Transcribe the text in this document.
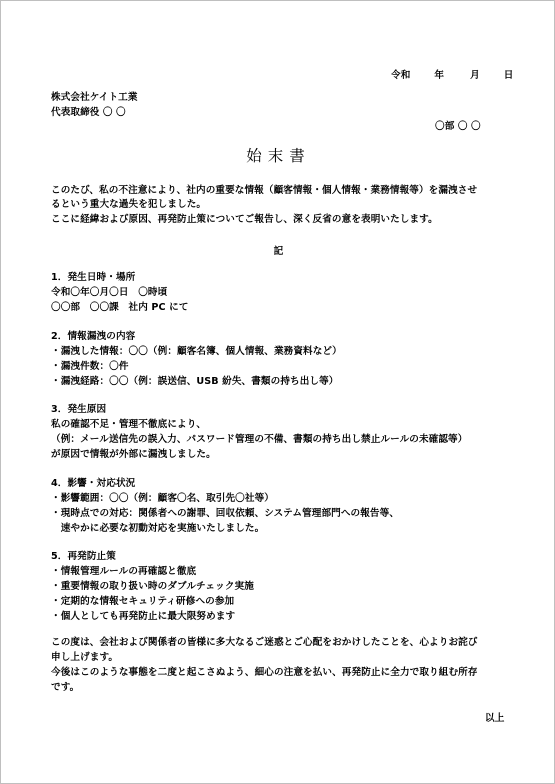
令和	年	月	日
株式会社ケイト工業
代表取締役 〇 〇
〇部 〇 〇
始末書
このたび、私の不注意により、社内の重要な情報（顧客情報・個人情報・業務情報等）を漏洩させ
るという重大な過失を犯しました。
ここに経緯および原因、再発防止策についてご報告し、深く反省の意を表明いたします。
記
1．発生日時・場所
令和〇年〇月〇日　〇時頃
〇〇部　〇〇課　社内 PC にて
2．情報漏洩の内容
・漏洩した情報：〇〇（例：顧客名簿、個人情報、業務資料など）
・漏洩件数：〇件
・漏洩経路：〇〇（例：誤送信、USB 紛失、書類の持ち出し等）
3．発生原因
私の確認不足・管理不徹底により、
（例：メール送信先の誤入力、パスワード管理の不備、書類の持ち出し禁止ルールの未確認等）
が原因で情報が外部に漏洩しました。
4．影響・対応状況
・影響範囲：〇〇（例：顧客〇名、取引先〇社等）
・現時点での対応：関係者への謝罪、回収依頼、システム管理部門への報告等、
　速やかに必要な初動対応を実施いたしました。
5．再発防止策
・情報管理ルールの再確認と徹底
・重要情報の取り扱い時のダブルチェック実施
・定期的な情報セキュリティ研修への参加
・個人としても再発防止に最大限努めます
この度は、会社および関係者の皆様に多大なるご迷惑とご心配をおかけしたことを、心よりお詫び
申し上げます。
今後はこのような事態を二度と起こさぬよう、細心の注意を払い、再発防止に全力で取り組む所存
です。
以上
